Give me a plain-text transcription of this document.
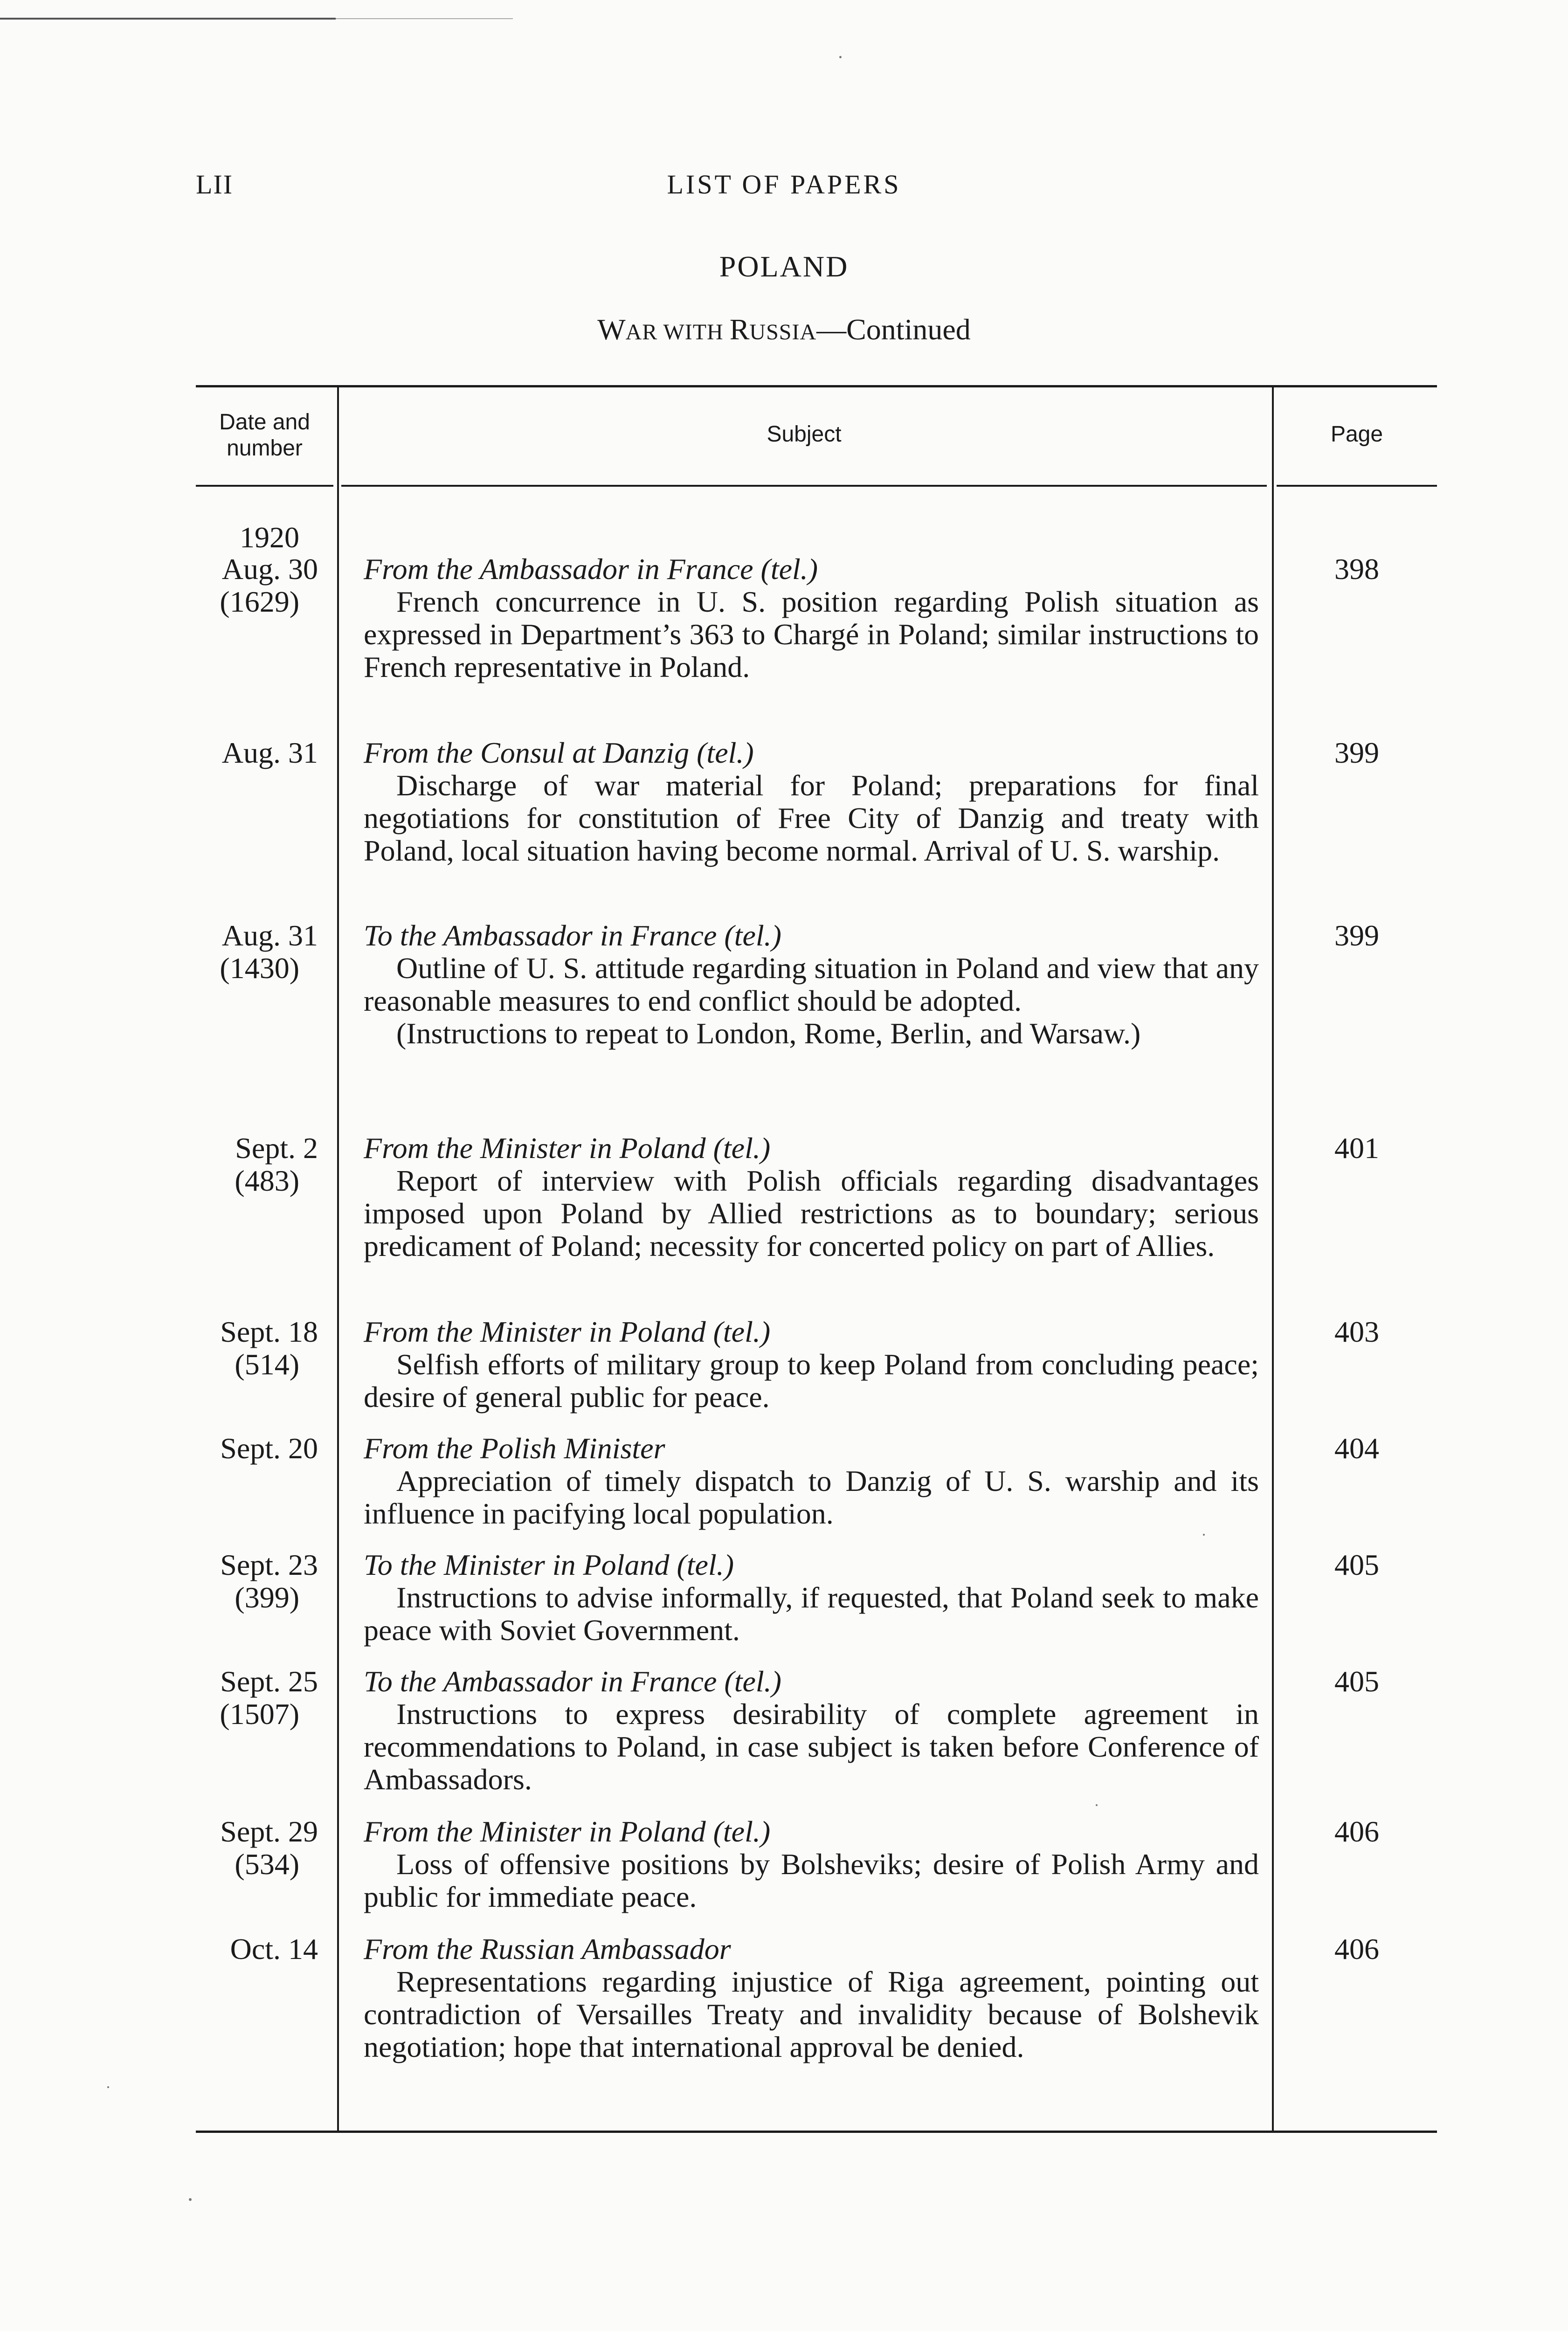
LII	LIST OF PAPERS
POLAND
WAR WITH RUSSIA—Continued
Date and
number
Subject	Page
1920
Aug. 30
(1629)
From the Ambassador in France (tel.)
French concurrence in U. S. position regarding Polish situation as expressed in Department’s 363 to Chargé in Poland; similar instructions to French representative in Poland.
398
Aug. 31 From the Consul at Danzig (tel.)
Discharge of war material for Poland; preparations for final negotiations for constitution of Free City of Danzig and treaty with Poland, local situation having become normal. Arrival of U. S. warship.
399
Aug. 31
(1430)
To the Ambassador in France (tel.)
Outline of U. S. attitude regarding situation in Poland and view that any reasonable measures to end conflict should be adopted.
(Instructions to repeat to London, Rome, Berlin, and Warsaw.)
399
Sept. 2
(483)
From the Minister in Poland (tel.)
Report of interview with Polish officials regarding disadvantages imposed upon Poland by Allied restrictions as to boundary; serious predicament of Poland; necessity for concerted policy on part of Allies.
401
Sept. 18
(514)
From the Minister in Poland (tel.)
Selfish efforts of military group to keep Poland from concluding peace; desire of general public for peace.
403
Sept. 20 From the Polish Minister
Appreciation of timely dispatch to Danzig of U. S. warship and its influence in pacifying local population.
404
Sept. 23
(399)
To the Minister in Poland (tel.)
Instructions to advise informally, if requested, that Poland seek to make peace with Soviet Government.
405
Sept. 25
(1507)
To the Ambassador in France (tel.)
Instructions to express desirability of complete agreement in recommendations to Poland, in case subject is taken before Conference of Ambassadors.
405
Sept. 29
(534)
From the Minister in Poland (tel.)
Loss of offensive positions by Bolsheviks; desire of Polish Army and public for immediate peace.
406
Oct. 14 From the Russian Ambassador
Representations regarding injustice of Riga agreement, pointing out contradiction of Versailles Treaty and invalidity because of Bolshevik negotiation; hope that international approval be denied.
406
